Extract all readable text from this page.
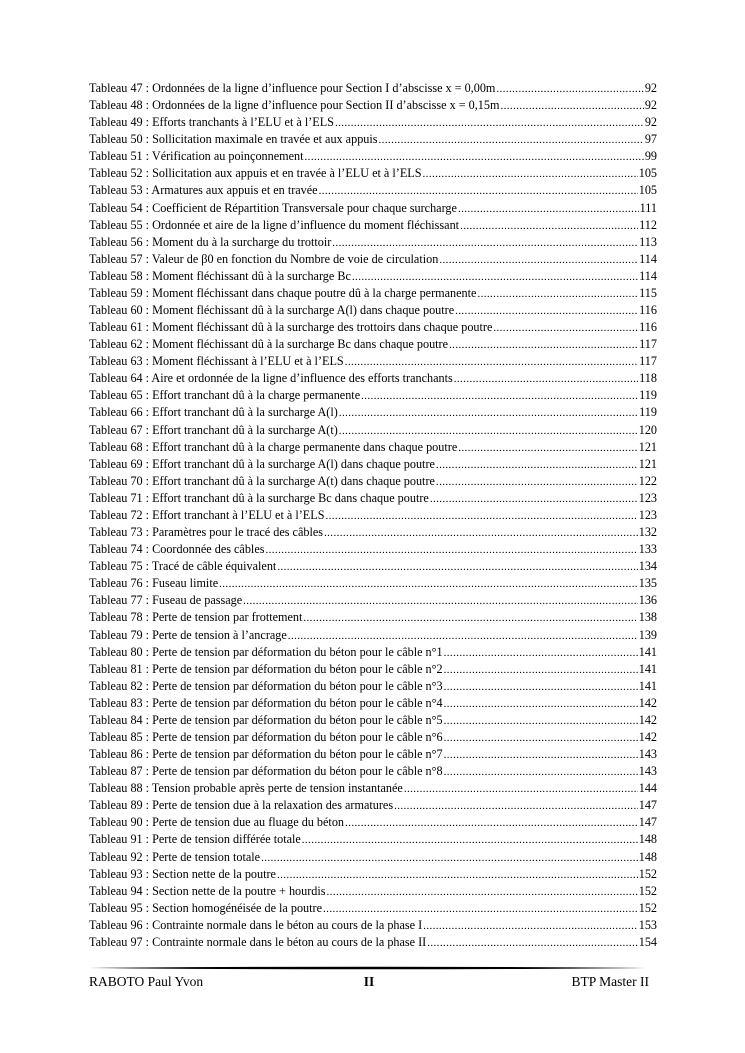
Tableau 47 : Ordonnées de la ligne d’influence pour Section I d’abscisse x = 0,00m .....	92
Tableau 48 : Ordonnées de la ligne d’influence pour Section II d’abscisse x = 0,15m .....	92
Tableau 49 : Efforts tranchants à l’ELU et à l’ELS .....	92
Tableau 50 : Sollicitation maximale en travée et aux appuis .....	97
Tableau 51 : Vérification au poinçonnement .....	99
Tableau 52 : Sollicitation aux appuis et en travée à l’ELU et à l’ELS .....	105
Tableau 53 : Armatures aux appuis et en travée .....	105
Tableau 54 : Coefficient de Répartition Transversale pour chaque surcharge .....	111
Tableau 55 : Ordonnée et aire de la ligne d’influence du moment fléchissant .....	112
Tableau 56 : Moment du à la surcharge du trottoir .....	113
Tableau 57 : Valeur de β0 en fonction du Nombre de voie de circulation .....	114
Tableau 58 : Moment fléchissant dû à la surcharge Bc .....	114
Tableau 59 : Moment fléchissant dans chaque poutre dû à la charge permanente .....	115
Tableau 60 : Moment fléchissant dû à la surcharge A(l) dans chaque poutre .....	116
Tableau 61 : Moment fléchissant dû à la surcharge des trottoirs dans chaque poutre .....	116
Tableau 62 : Moment fléchissant dû à la surcharge Bc dans chaque poutre .....	117
Tableau 63 : Moment fléchissant à l’ELU et à l’ELS .....	117
Tableau 64 : Aire et ordonnée de la ligne d’influence des efforts tranchants .....	118
Tableau 65 : Effort tranchant dû à la charge permanente .....	119
Tableau 66 : Effort tranchant dû à la surcharge A(l) .....	119
Tableau 67 : Effort tranchant dû à la surcharge A(t) .....	120
Tableau 68 : Effort tranchant dû à la charge permanente dans chaque poutre .....	121
Tableau 69 : Effort tranchant dû à la surcharge A(l) dans chaque poutre .....	121
Tableau 70 : Effort tranchant dû à la surcharge A(t) dans chaque poutre .....	122
Tableau 71 : Effort tranchant dû à la surcharge Bc dans chaque poutre .....	123
Tableau 72 : Effort tranchant à l’ELU et à l’ELS .....	123
Tableau 73 : Paramètres pour le tracé des câbles .....	132
Tableau 74 : Coordonnée des câbles .....	133
Tableau 75 : Tracé de câble équivalent .....	134
Tableau 76 : Fuseau limite .....	135
Tableau 77 : Fuseau de passage .....	136
Tableau 78 : Perte de tension par frottement .....	138
Tableau 79 : Perte de tension à l’ancrage .....	139
Tableau 80 : Perte de tension par déformation du béton pour le câble n°1 .....	141
Tableau 81 : Perte de tension par déformation du béton pour le câble n°2 .....	141
Tableau 82 : Perte de tension par déformation du béton pour le câble n°3 .....	141
Tableau 83 : Perte de tension par déformation du béton pour le câble n°4 .....	142
Tableau 84 : Perte de tension par déformation du béton pour le câble n°5 .....	142
Tableau 85 : Perte de tension par déformation du béton pour le câble n°6 .....	142
Tableau 86 : Perte de tension par déformation du béton pour le câble n°7 .....	143
Tableau 87 : Perte de tension par déformation du béton pour le câble n°8 .....	143
Tableau 88 : Tension probable après perte de tension instantanée .....	144
Tableau 89 : Perte de tension due à la relaxation des armatures .....	147
Tableau 90 : Perte de tension due au fluage du béton .....	147
Tableau 91 : Perte de tension différée totale .....	148
Tableau 92 : Perte de tension totale .....	148
Tableau 93 : Section nette de la poutre .....	152
Tableau 94 : Section nette de la poutre + hourdis .....	152
Tableau 95 : Section homogénéisée de la poutre .....	152
Tableau 96 : Contrainte normale dans le béton au cours de la phase I .....	153
Tableau 97 : Contrainte normale dans le béton au cours de la phase II .....	154
RABOTO Paul Yvon	II	BTP Master II
